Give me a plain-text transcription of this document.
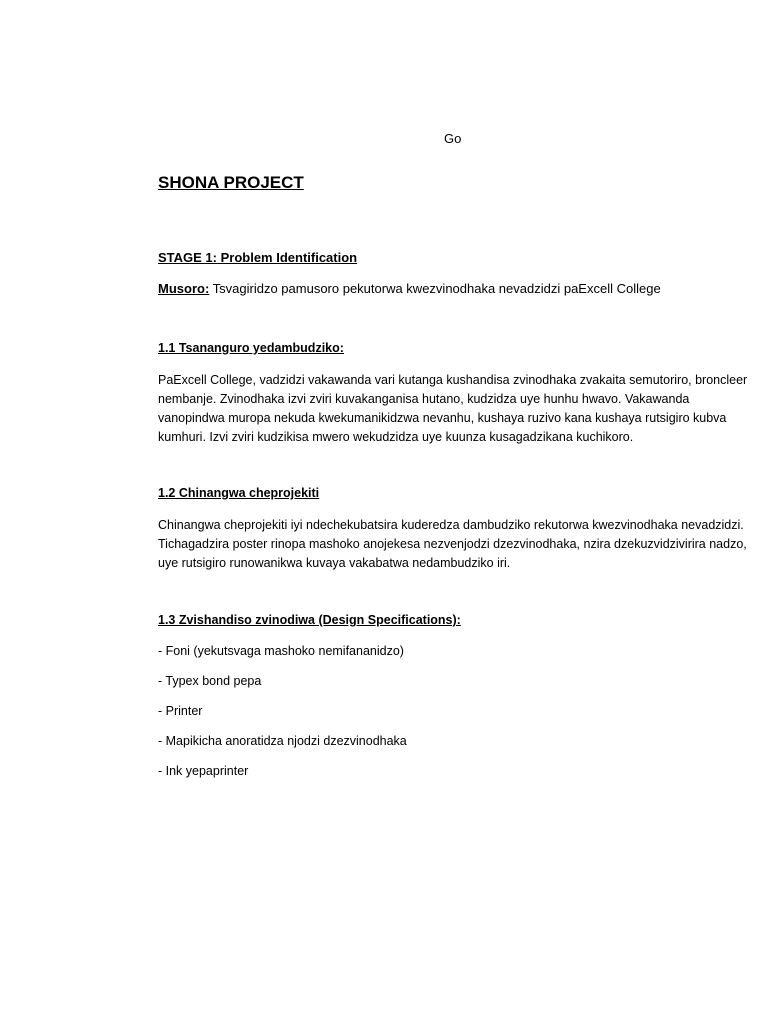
Go
SHONA PROJECT
STAGE 1: Problem Identification
Musoro: Tsvagiridzo pamusoro pekutorwa kwezvinodhaka nevadzidzi paExcell College
1.1 Tsananguro yedambudziko:
PaExcell College, vadzidzi vakawanda vari kutanga kushandisa zvinodhaka zvakaita semutoriro, broncleer nembanje. Zvinodhaka izvi zviri kuvakanganisa hutano, kudzidza uye hunhu hwavo. Vakawanda vanopindwa muropa nekuda kwekumanikidzwa nevanhu, kushaya ruzivo kana kushaya rutsigiro kubva kumhuri. Izvi zviri kudzikisa mwero wekudzidza uye kuunza kusagadzikana kuchikoro.
1.2 Chinangwa cheprojekiti
Chinangwa cheprojekiti iyi ndechekubatsira kuderedza dambudziko rekutorwa kwezvinodhaka nevadzidzi. Tichagadzira poster rinopa mashoko anojekesa nezvenjodzi dzezvinodhaka, nzira dzekuzvidzivirira nadzo, uye rutsigiro runowanikwa kuvaya vakabatwa nedambudziko iri.
1.3 Zvishandiso zvinodiwa (Design Specifications):
- Foni (yekutsvaga mashoko nemifananidzo)
- Typex bond pepa
- Printer
- Mapikicha anoratidza njodzi dzezvinodhaka
- Ink yepaprinter
